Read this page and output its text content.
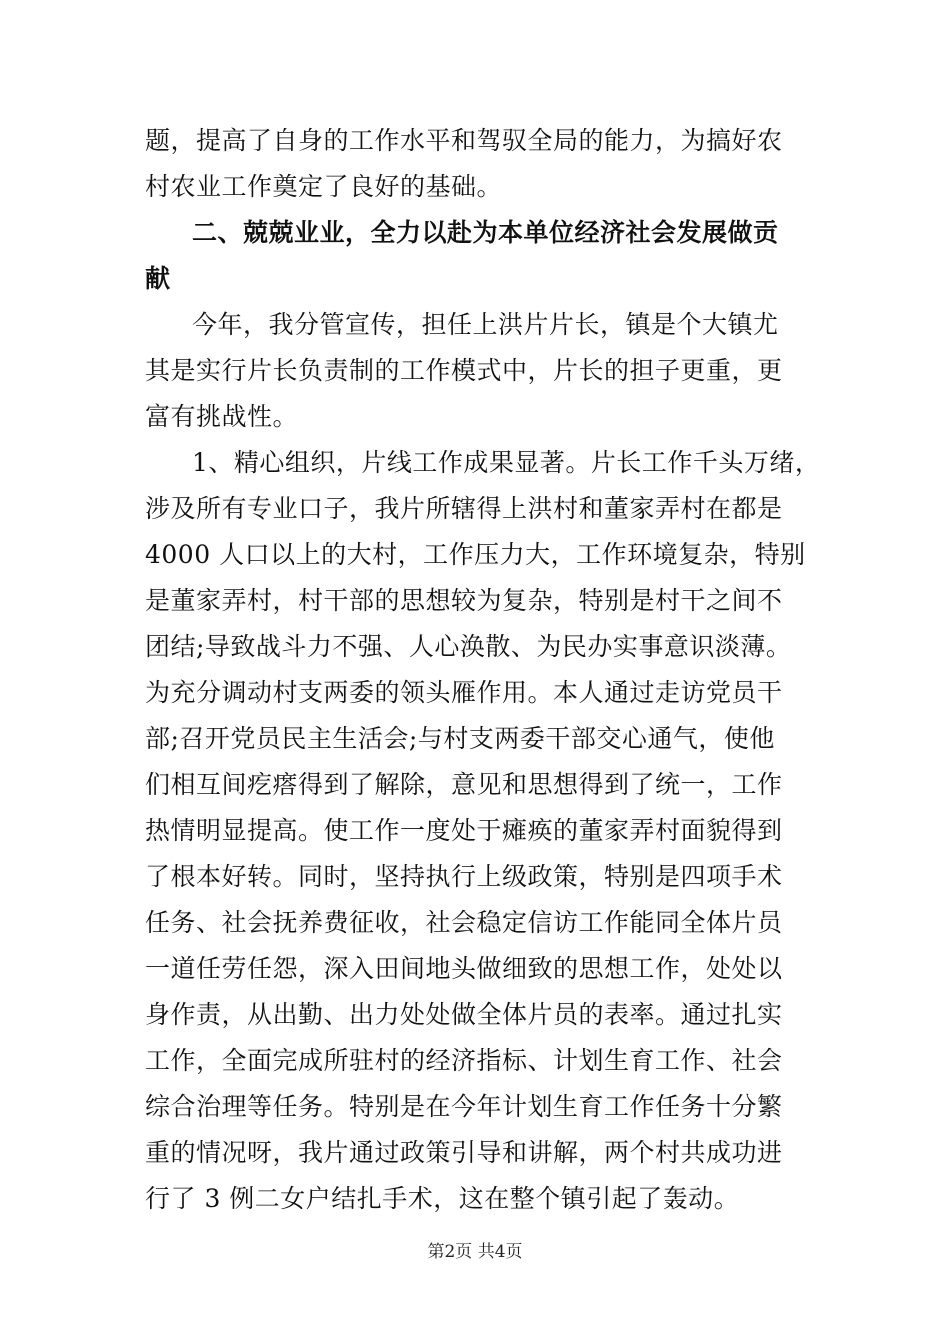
题，提高了自身的工作水平和驾驭全局的能力，为搞好农
村农业工作奠定了良好的基础。
二、兢兢业业，全力以赴为本单位经济社会发展做贡
献
今年，我分管宣传，担任上洪片片长，镇是个大镇尤
其是实行片长负责制的工作模式中，片长的担子更重，更
富有挑战性。
1、精心组织，片线工作成果显著。片长工作千头万绪，
涉及所有专业口子，我片所辖得上洪村和董家弄村在都是
4000 人口以上的大村，工作压力大，工作环境复杂，特别
是董家弄村，村干部的思想较为复杂，特别是村干之间不
团结;导致战斗力不强、人心涣散、为民办实事意识淡薄。
为充分调动村支两委的领头雁作用。本人通过走访党员干
部;召开党员民主生活会;与村支两委干部交心通气，使他
们相互间疙瘩得到了解除，意见和思想得到了统一，工作
热情明显提高。使工作一度处于瘫痪的董家弄村面貌得到
了根本好转。同时，坚持执行上级政策，特别是四项手术
任务、社会抚养费征收，社会稳定信访工作能同全体片员
一道任劳任怨，深入田间地头做细致的思想工作，处处以
身作责，从出勤、出力处处做全体片员的表率。通过扎实
工作，全面完成所驻村的经济指标、计划生育工作、社会
综合治理等任务。特别是在今年计划生育工作任务十分繁
重的情况呀，我片通过政策引导和讲解，两个村共成功进
行了 3 例二女户结扎手术，这在整个镇引起了轰动。
第2页 共4页
